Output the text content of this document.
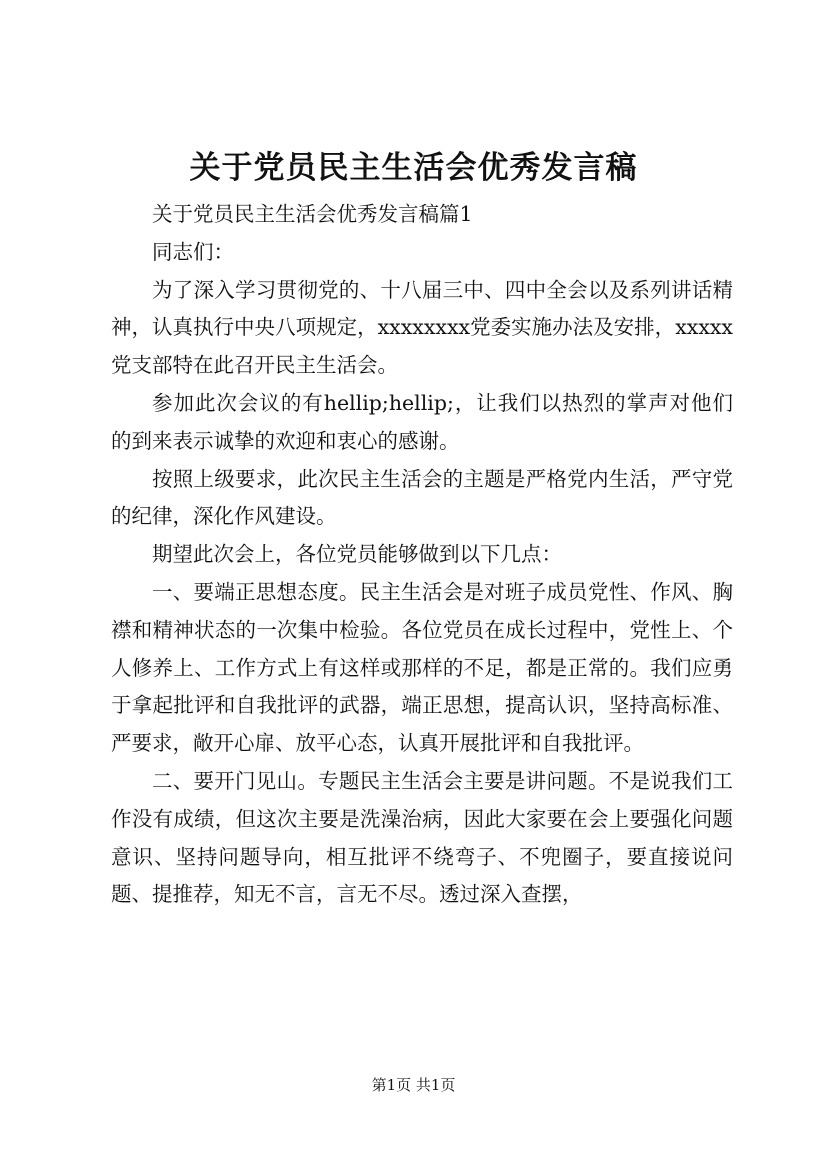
关于党员民主生活会优秀发言稿

关于党员民主生活会优秀发言稿篇1

同志们：

为了深入学习贯彻党的、十八届三中、四中全会以及系列讲话精神，认真执行中央八项规定，xxxxxxxx党委实施办法及安排，xxxxx党支部特在此召开民主生活会。

参加此次会议的有hellip;hellip;，让我们以热烈的掌声对他们的到来表示诚挚的欢迎和衷心的感谢。

按照上级要求，此次民主生活会的主题是严格党内生活，严守党的纪律，深化作风建设。

期望此次会上，各位党员能够做到以下几点：

一、要端正思想态度。民主生活会是对班子成员党性、作风、胸襟和精神状态的一次集中检验。各位党员在成长过程中，党性上、个人修养上、工作方式上有这样或那样的不足，都是正常的。我们应勇于拿起批评和自我批评的武器，端正思想，提高认识，坚持高标准、严要求，敞开心扉、放平心态，认真开展批评和自我批评。

二、要开门见山。专题民主生活会主要是讲问题。不是说我们工作没有成绩，但这次主要是洗澡治病，因此大家要在会上要强化问题意识、坚持问题导向，相互批评不绕弯子、不兜圈子，要直接说问题、提推荐，知无不言，言无不尽。透过深入查摆，

第1页 共1页
